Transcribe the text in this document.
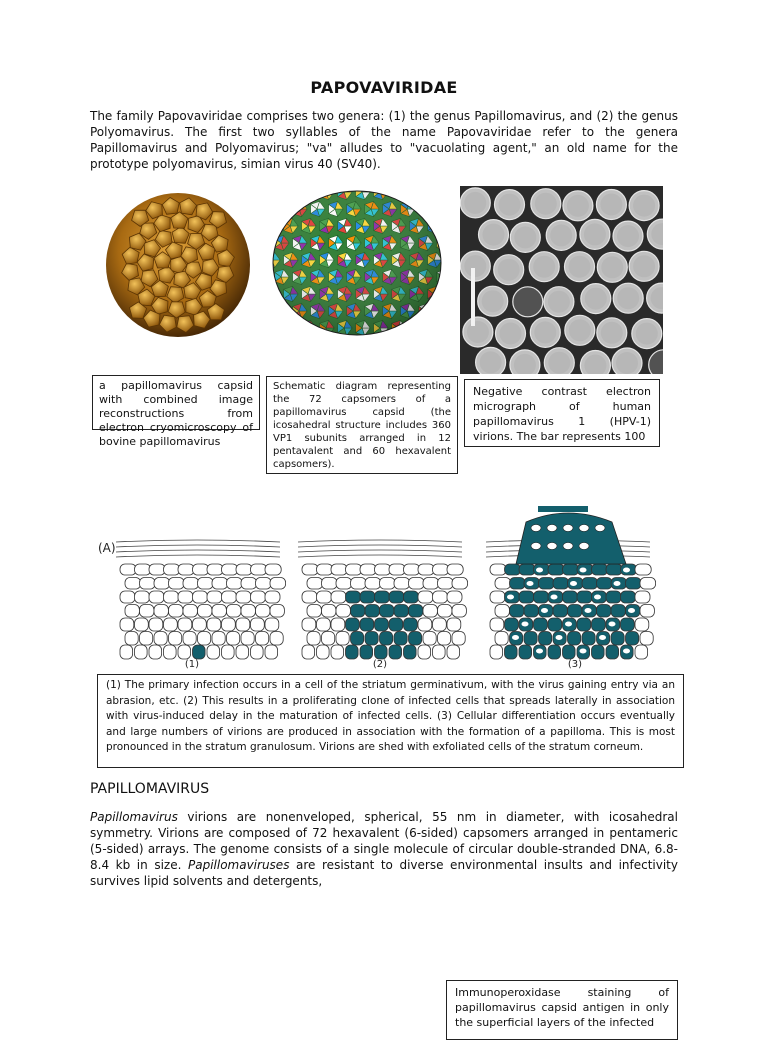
PAPOVAVIRIDAE

The family Papovaviridae comprises two genera: (1) the genus Papillomavirus, and (2) the genus Polyomavirus. The first two syllables of the name Papovaviridae refer to the genera Papillomavirus and Polyomavirus; "va" alludes to "vacuolating agent," an old name for the prototype polyomavirus, simian virus 40 (SV40).

a papillomavirus capsid with combined image reconstructions from electron cryomicroscopy of bovine papillomavirus
Schematic diagram representing the 72 capsomers of a papillomavirus capsid (the icosahedral structure includes 360 VP1 subunits arranged in 12 pentavalent and 60 hexavalent capsomers).
Negative contrast electron micrograph of human papillomavirus 1 (HPV-1) virions. The bar represents 100
(A)
(1)	(2)	(3)
(1) The primary infection occurs in a cell of the striatum germinativum, with the virus gaining entry via an abrasion, etc. (2) This results in a proliferating clone of infected cells that spreads laterally in association with virus-induced delay in the maturation of infected cells. (3) Cellular differentiation occurs eventually and large numbers of virions are produced in association with the formation of a papilloma. This is most pronounced in the stratum granulosum. Virions are shed with exfoliated cells of the stratum corneum.
PAPILLOMAVIRUS

Papillomavirus virions are nonenveloped, spherical, 55 nm in diameter, with icosahedral symmetry. Virions are composed of 72 hexavalent (6-sided) capsomers arranged in pentameric (5-sided) arrays. The genome consists of a single molecule of circular double-stranded DNA, 6.8-8.4 kb in size. Papillomaviruses are resistant to diverse environmental insults and infectivity survives lipid solvents and detergents,

Immunoperoxidase staining of papillomavirus capsid antigen in only the superficial layers of the infected
